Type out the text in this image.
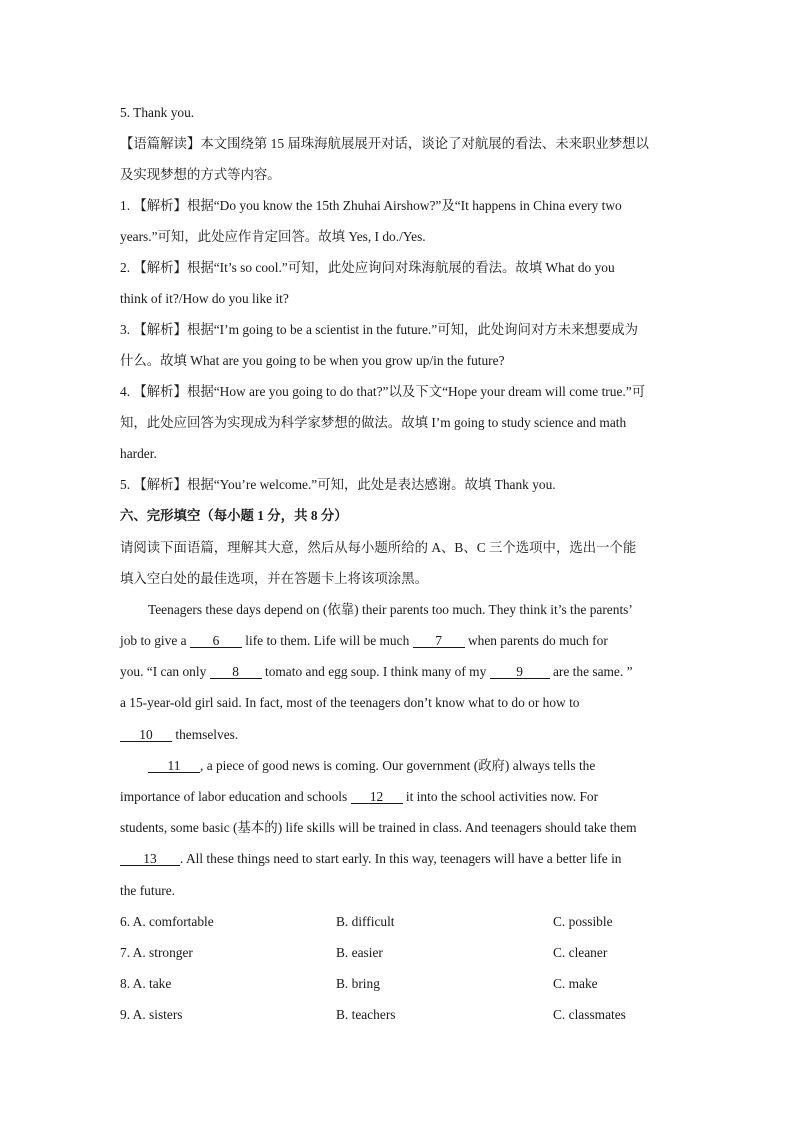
5. Thank you.
【语篇解读】本文围绕第 15 届珠海航展展开对话，谈论了对航展的看法、未来职业梦想以
及实现梦想的方式等内容。
1. 【解析】根据“Do you know the 15th Zhuhai Airshow?”及“It happens in China every two
years.”可知，此处应作肯定回答。故填 Yes, I do./Yes.
2. 【解析】根据“It’s so cool.”可知，此处应询问对珠海航展的看法。故填 What do you
think of it?/How do you like it?
3. 【解析】根据“I’m going to be a scientist in the future.”可知，此处询问对方未来想要成为
什么。故填 What are you going to be when you grow up/in the future?
4. 【解析】根据“How are you going to do that?”以及下文“Hope your dream will come true.”可
知，此处应回答为实现成为科学家梦想的做法。故填 I’m going to study science and math
harder.
5. 【解析】根据“You’re welcome.”可知，此处是表达感谢。故填 Thank you.
六、完形填空（每小题 1 分，共 8 分）
请阅读下面语篇，理解其大意，然后从每小题所给的 A、B、C 三个选项中，选出一个能
填入空白处的最佳选项，并在答题卡上将该项涂黑。
Teenagers these days depend on (依靠) their parents too much. They think it’s the parents’
job to give a 6 life to them. Life will be much 7 when parents do much for
you. “I can only 8 tomato and egg soup. I think many of my 9 are the same. ”
a 15-year-old girl said. In fact, most of the teenagers don’t know what to do or how to
10 themselves.
11 , a piece of good news is coming. Our government (政府) always tells the
importance of labor education and schools 12 it into the school activities now. For
students, some basic (基本的) life skills will be trained in class. And teenagers should take them
13 . All these things need to start early. In this way, teenagers will have a better life in
the future.
6. A. comfortable	B. difficult	C. possible
7. A. stronger	B. easier	C. cleaner
8. A. take	B. bring	C. make
9. A. sisters	B. teachers	C. classmates
